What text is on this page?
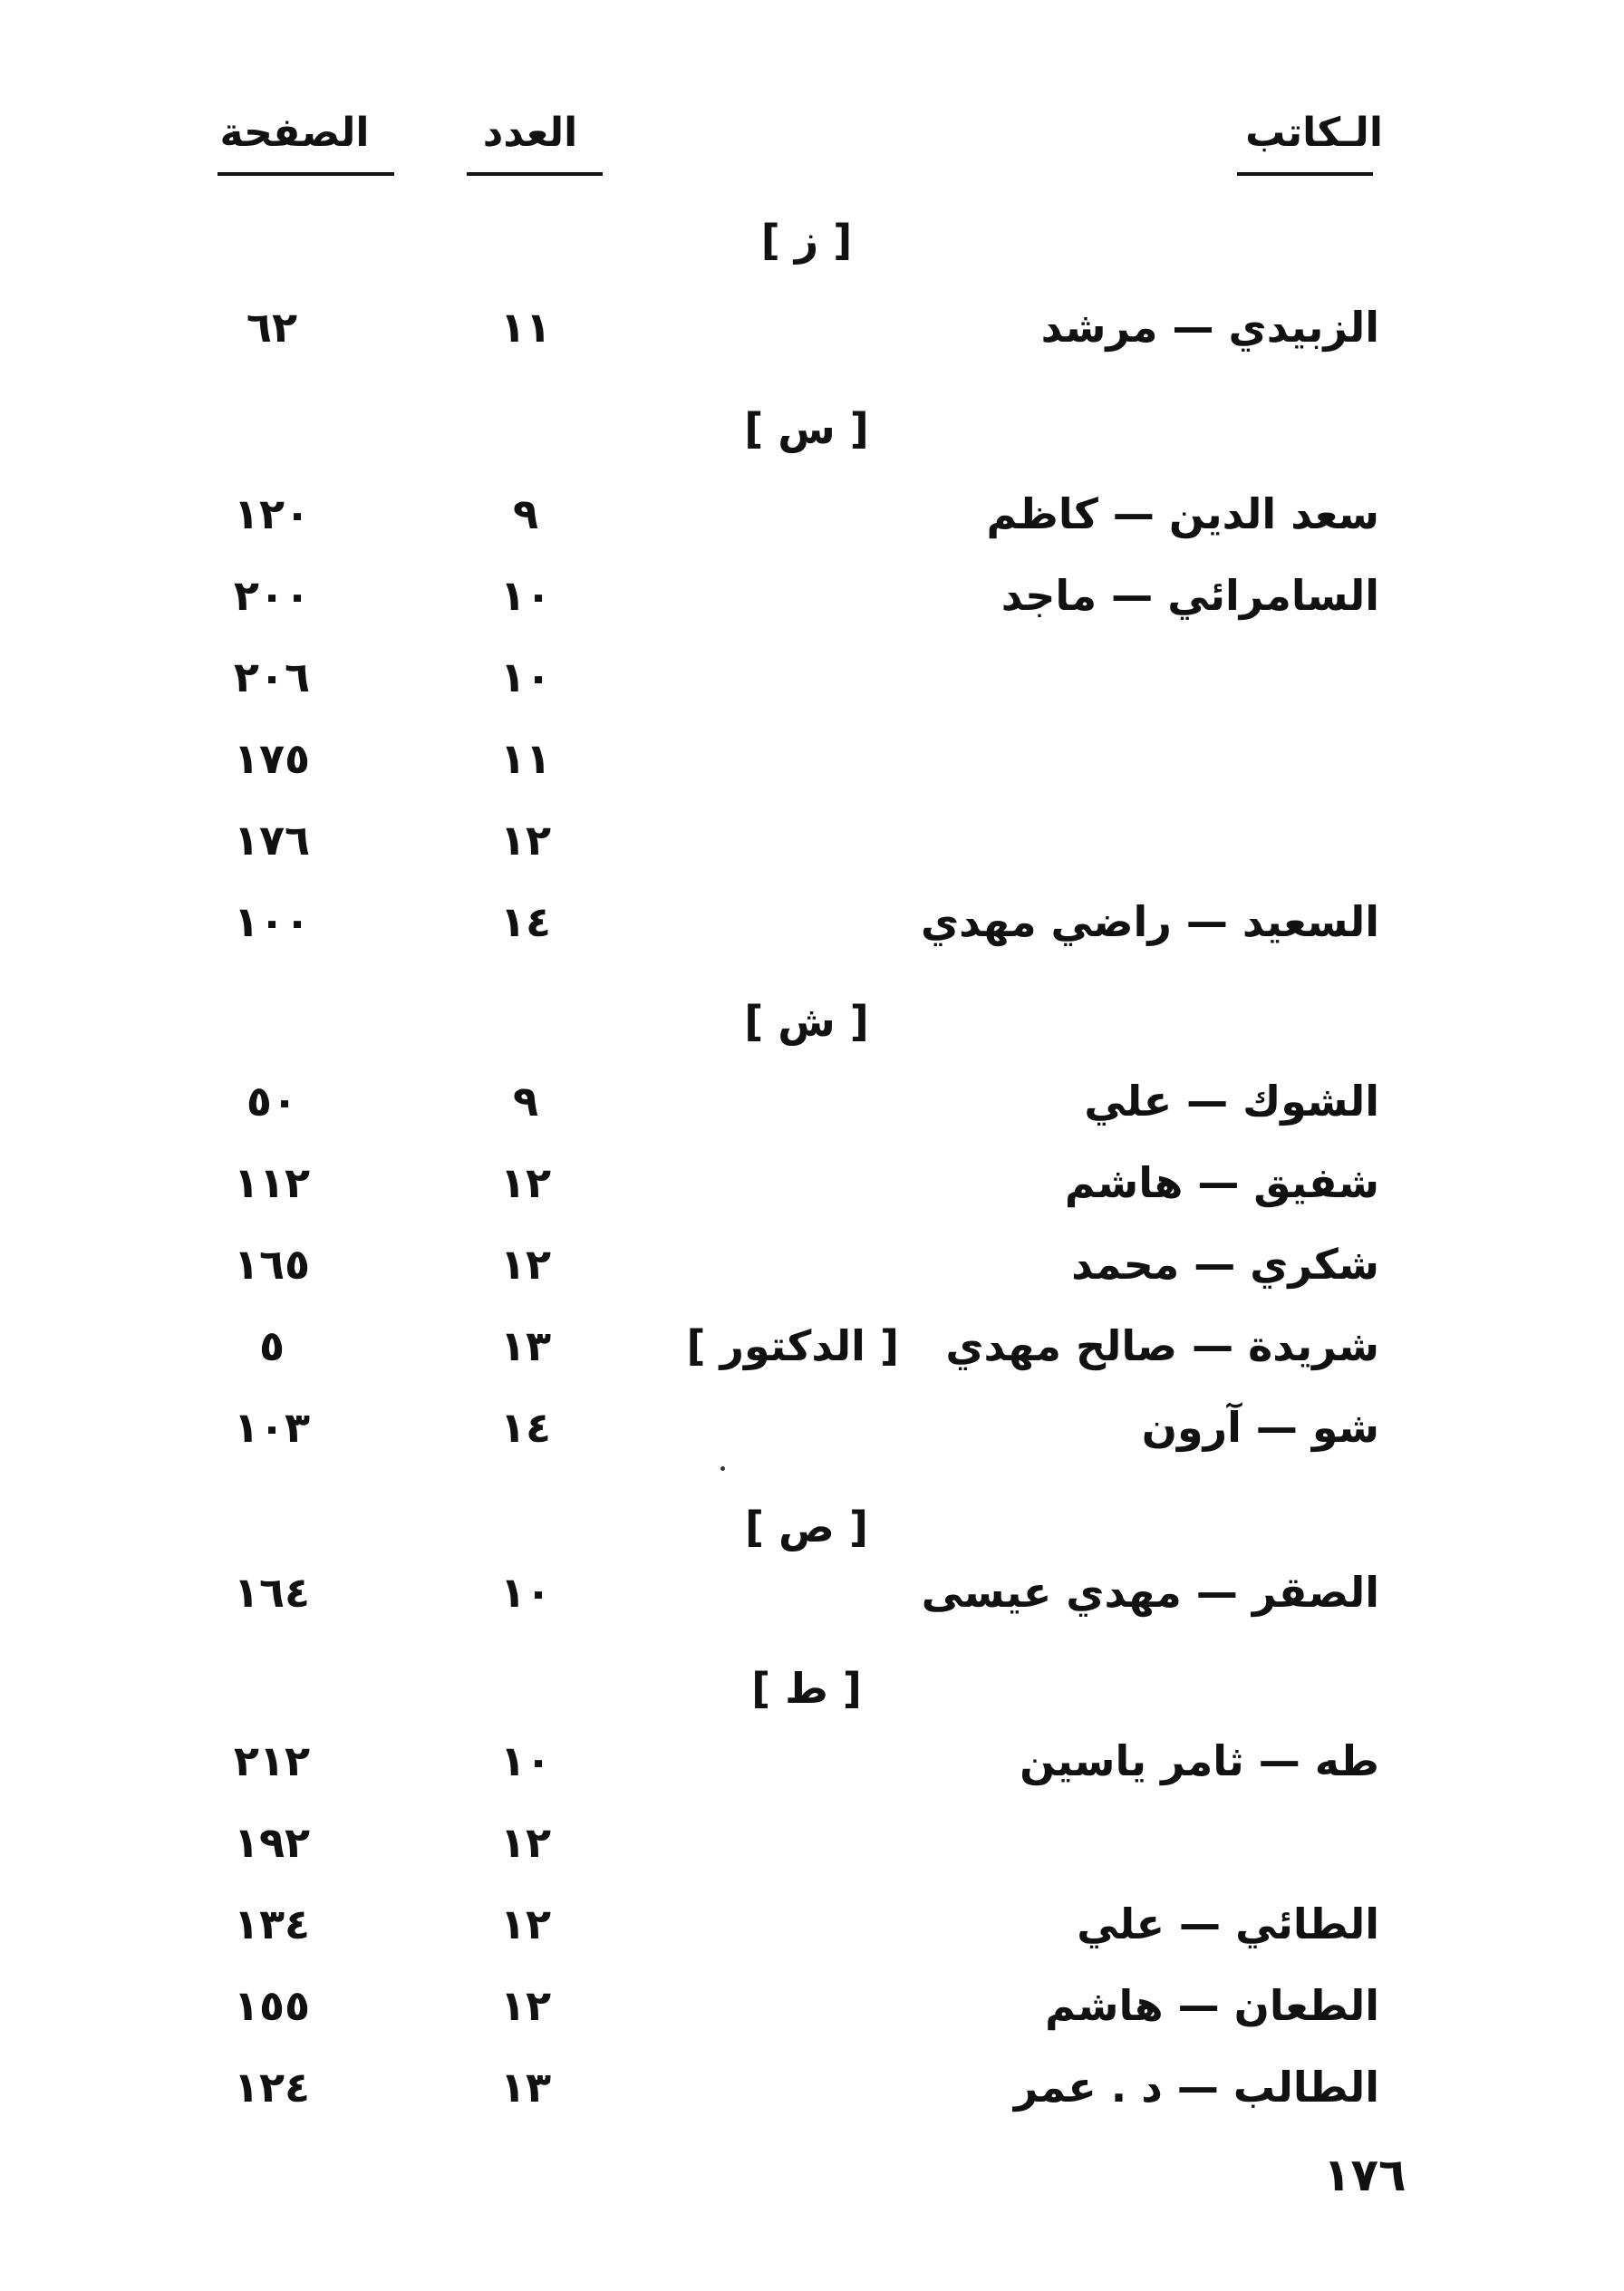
الـكاتب
العدد
الصفحة
[ ز ]
الزبيدي — مرشد
١١
٦٢
[ س ]
سعد الدين — كاظم
٩
١٢٠
السامرائي — ماجد
١٠
٢٠٠
١٠
٢٠٦
١١
١٧٥
١٢
١٧٦
السعيد — راضي مهدي
١٤
١٠٠
[ ش ]
الشوك — علي
٩
٥٠
شفيق — هاشم
١٢
١١٢
شكري — محمد
١٢
١٦٥
شريدة — صالح مهدي
[ الدكتور ]
١٣
٥
شو — آرون
١٤
١٠٣
[ ص ]
الصقر — مهدي عيسى
١٠
١٦٤
[ ط ]
طه — ثامر ياسين
١٠
٢١٢
١٢
١٩٢
الطائي — علي
١٢
١٣٤
الطعان — هاشم
١٢
١٥٥
الطالب — د . عمر
١٣
١٢٤
١٧٦
